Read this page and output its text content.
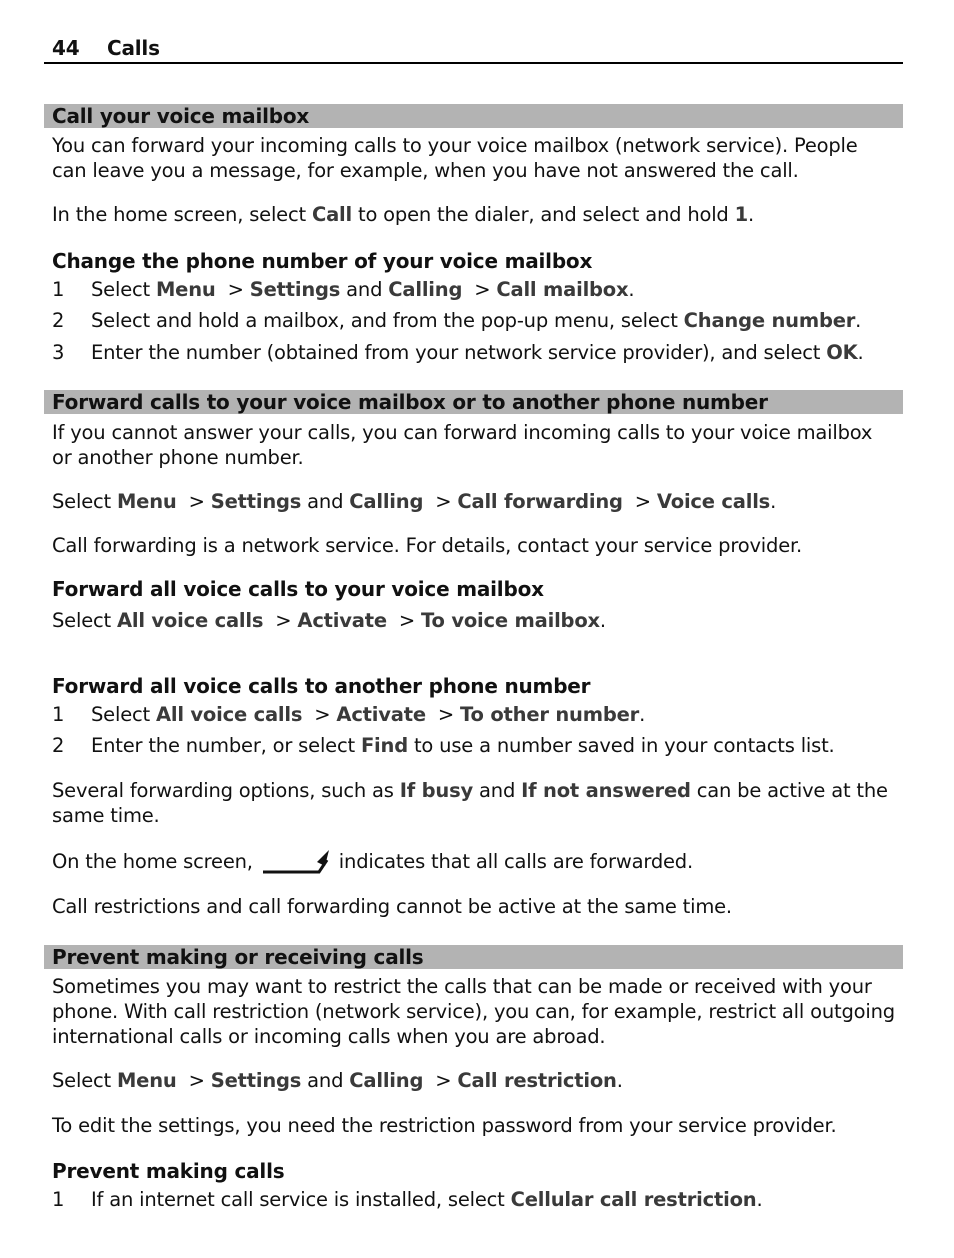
44 Calls
Call your voice mailbox
You can forward your incoming calls to your voice mailbox (network service). People
can leave you a message, for example, when you have not answered the call.
In the home screen, select Call to open the dialer, and select and hold 1.
Change the phone number of your voice mailbox
1	Select Menu  > Settings and Calling  > Call mailbox.
2	Select and hold a mailbox, and from the pop-up menu, select Change number.
3	Enter the number (obtained from your network service provider), and select OK.
Forward calls to your voice mailbox or to another phone number
If you cannot answer your calls, you can forward incoming calls to your voice mailbox
or another phone number.
Select Menu  > Settings and Calling  > Call forwarding  > Voice calls.
Call forwarding is a network service. For details, contact your service provider.
Forward all voice calls to your voice mailbox
Select All voice calls  > Activate  > To voice mailbox.
Forward all voice calls to another phone number
1	Select All voice calls  > Activate  > To other number.
2	Enter the number, or select Find to use a number saved in your contacts list.
Several forwarding options, such as If busy and If not answered can be active at the
same time.
On the home screen,	indicates that all calls are forwarded.
Call restrictions and call forwarding cannot be active at the same time.
Prevent making or receiving calls
Sometimes you may want to restrict the calls that can be made or received with your
phone. With call restriction (network service), you can, for example, restrict all outgoing
international calls or incoming calls when you are abroad.
Select Menu  > Settings and Calling  > Call restriction.
To edit the settings, you need the restriction password from your service provider.
Prevent making calls
1	If an internet call service is installed, select Cellular call restriction.
